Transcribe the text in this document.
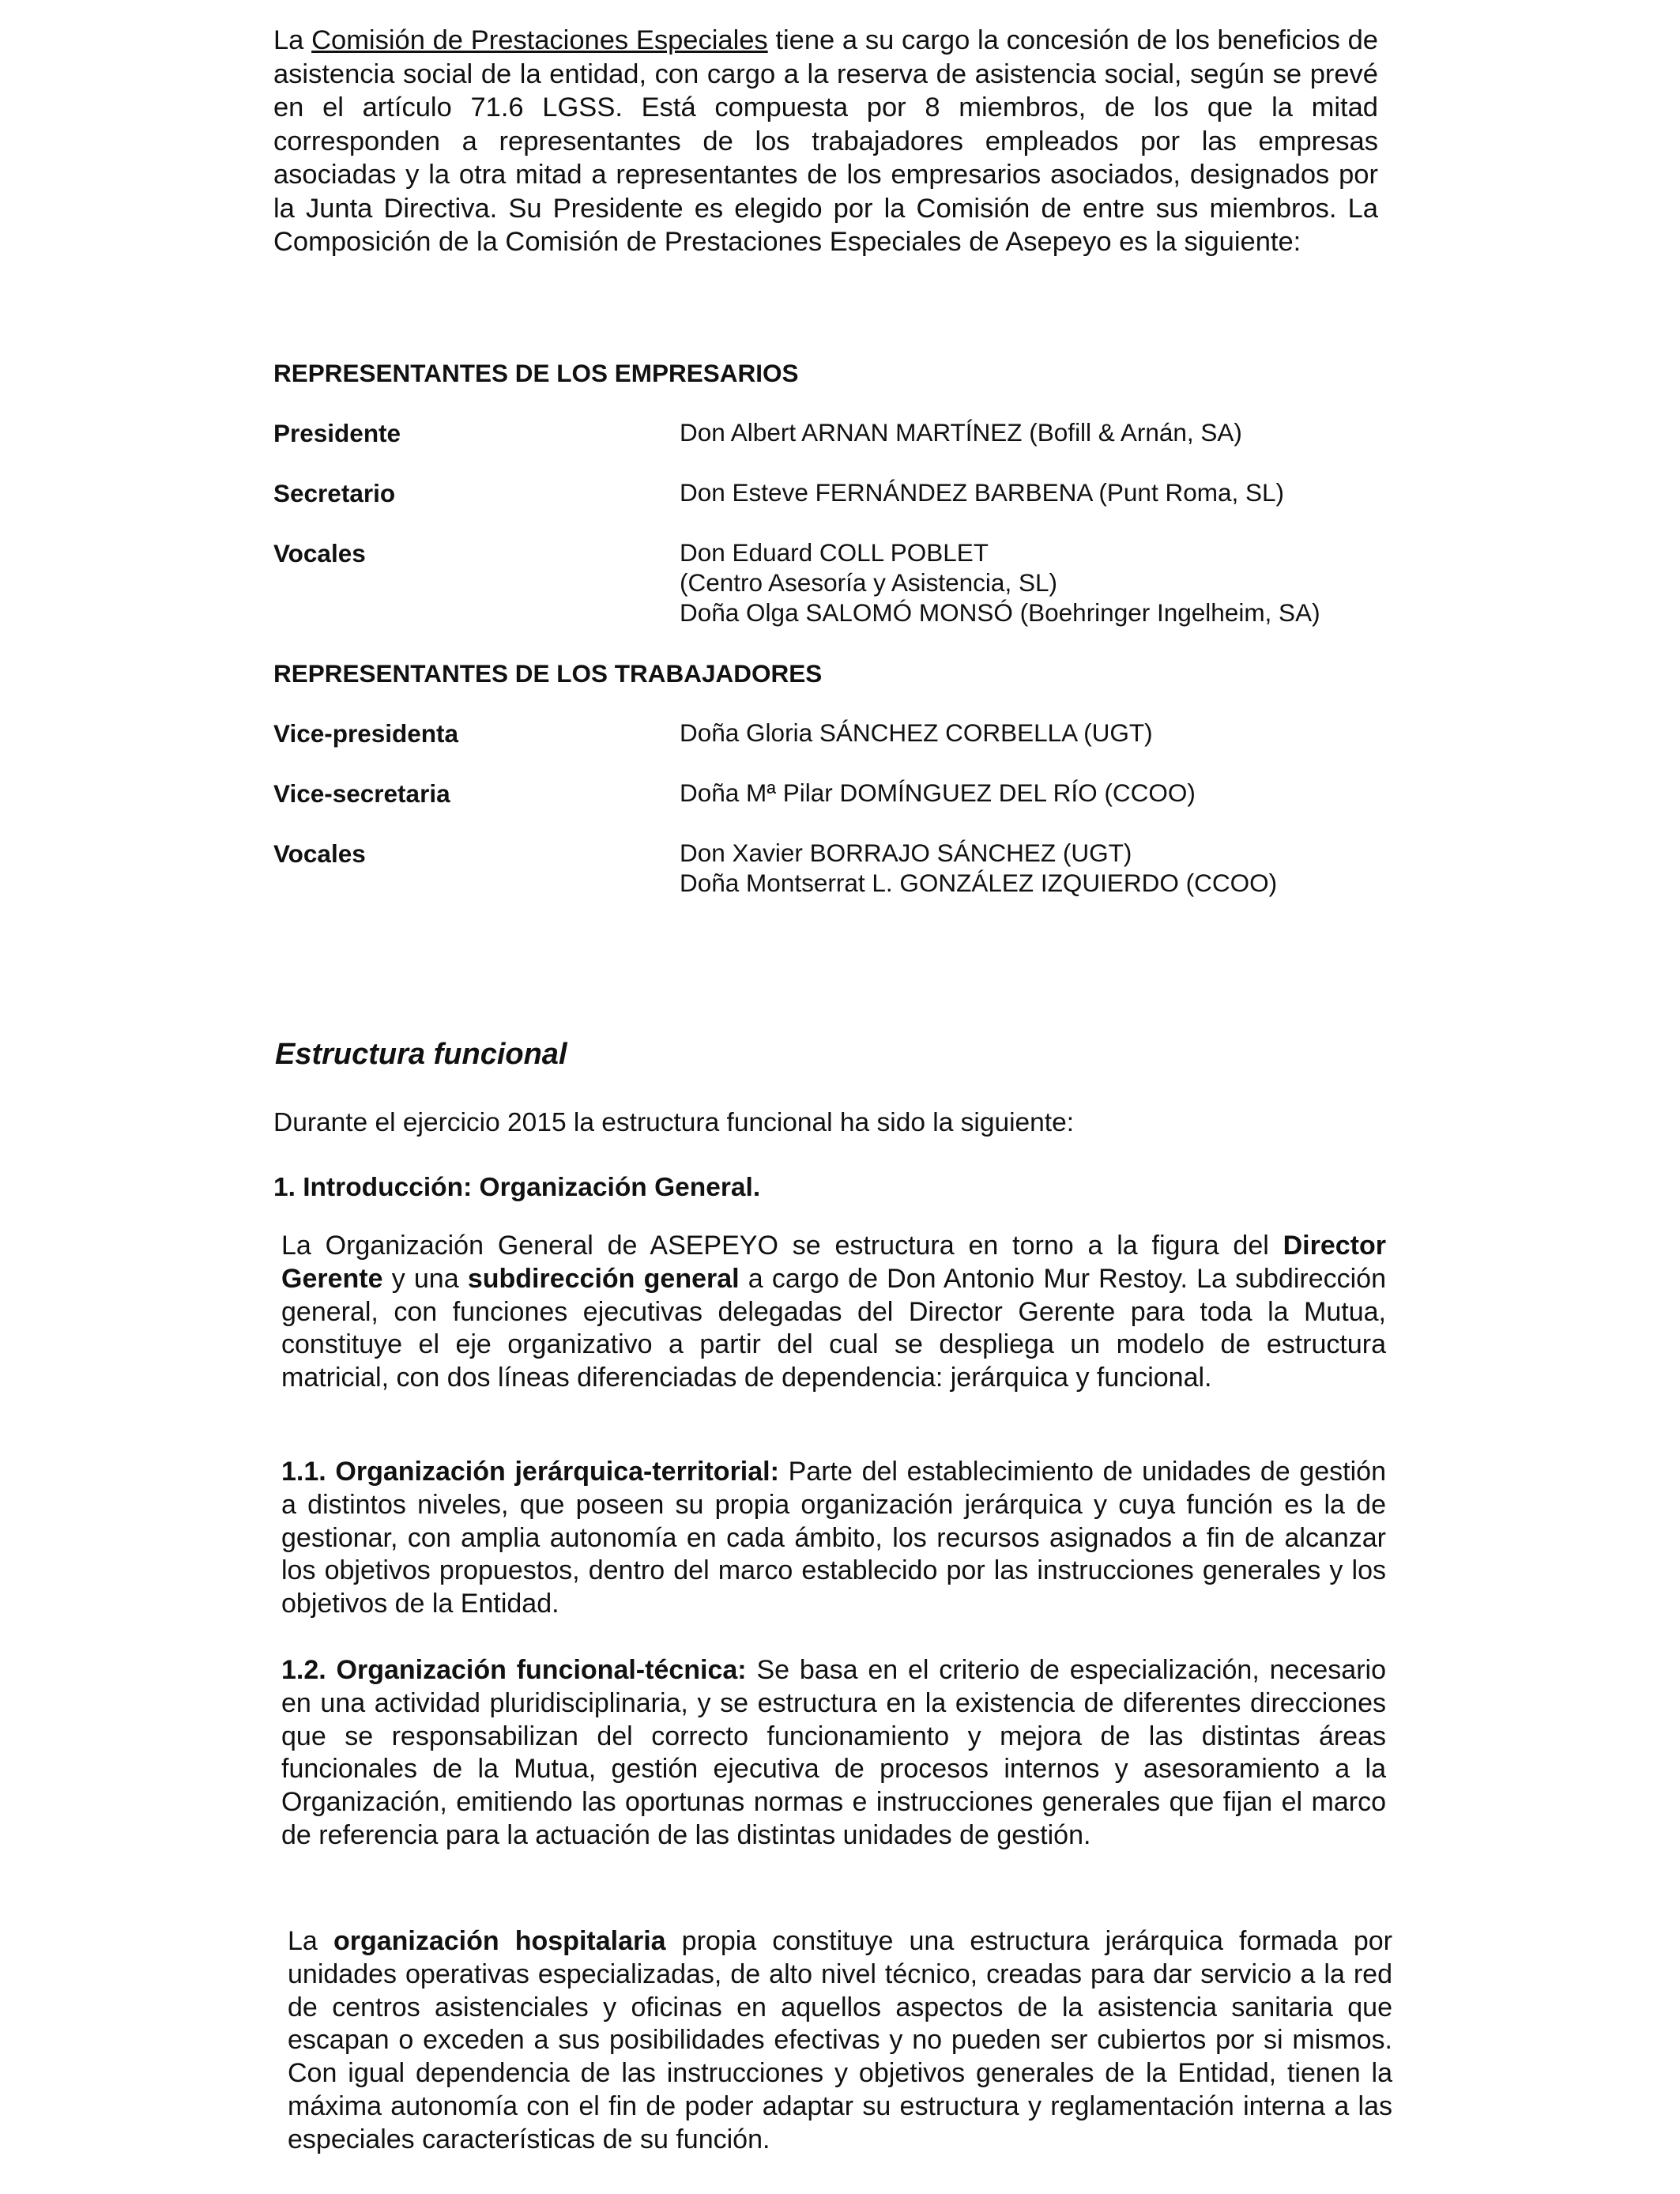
La Comisión de Prestaciones Especiales tiene a su cargo la concesión de los beneficios de asistencia social de la entidad, con cargo a la reserva de asistencia social, según se prevé en el artículo 71.6 LGSS. Está compuesta por 8 miembros, de los que la mitad corresponden a representantes de los trabajadores empleados por las empresas asociadas y la otra mitad a representantes de los empresarios asociados, designados por la Junta Directiva. Su Presidente es elegido por la Comisión de entre sus miembros. La Composición de la Comisión de Prestaciones Especiales de Asepeyo es la siguiente:

REPRESENTANTES DE LOS EMPRESARIOS
Presidente	Don Albert ARNAN MARTÍNEZ (Bofill & Arnán, SA)
Secretario	Don Esteve FERNÁNDEZ BARBENA (Punt Roma, SL)
Vocales	Don Eduard COLL POBLET
(Centro Asesoría y Asistencia, SL)
Doña Olga SALOMÓ MONSÓ (Boehringer Ingelheim, SA)
REPRESENTANTES DE LOS TRABAJADORES
Vice-presidenta	Doña Gloria SÁNCHEZ CORBELLA (UGT)
Vice-secretaria	Doña Mª Pilar DOMÍNGUEZ DEL RÍO (CCOO)
Vocales	Don Xavier BORRAJO SÁNCHEZ (UGT)
Doña Montserrat L. GONZÁLEZ IZQUIERDO (CCOO)
Estructura funcional
Durante el ejercicio 2015 la estructura funcional ha sido la siguiente:
1. Introducción: Organización General.

La Organización General de ASEPEYO se estructura en torno a la figura del Director Gerente y una subdirección general a cargo de Don Antonio Mur Restoy. La subdirección general, con funciones ejecutivas delegadas del Director Gerente para toda la Mutua, constituye el eje organizativo a partir del cual se despliega un modelo de estructura matricial, con dos líneas diferenciadas de dependencia: jerárquica y funcional.

1.1. Organización jerárquica-territorial: Parte del establecimiento de unidades de gestión a distintos niveles, que poseen su propia organización jerárquica y cuya función es la de gestionar, con amplia autonomía en cada ámbito, los recursos asignados a fin de alcanzar los objetivos propuestos, dentro del marco establecido por las instrucciones generales y los objetivos de la Entidad.

1.2. Organización funcional-técnica: Se basa en el criterio de especialización, necesario en una actividad pluridisciplinaria, y se estructura en la existencia de diferentes direcciones que se responsabilizan del correcto funcionamiento y mejora de las distintas áreas funcionales de la Mutua, gestión ejecutiva de procesos internos y asesoramiento a la Organización, emitiendo las oportunas normas e instrucciones generales que fijan el marco de referencia para la actuación de las distintas unidades de gestión.

La organización hospitalaria propia constituye una estructura jerárquica formada por unidades operativas especializadas, de alto nivel técnico, creadas para dar servicio a la red de centros asistenciales y oficinas en aquellos aspectos de la asistencia sanitaria que escapan o exceden a sus posibilidades efectivas y no pueden ser cubiertos por si mismos. Con igual dependencia de las instrucciones y objetivos generales de la Entidad, tienen la máxima autonomía con el fin de poder adaptar su estructura y reglamentación interna a las especiales características de su función.
